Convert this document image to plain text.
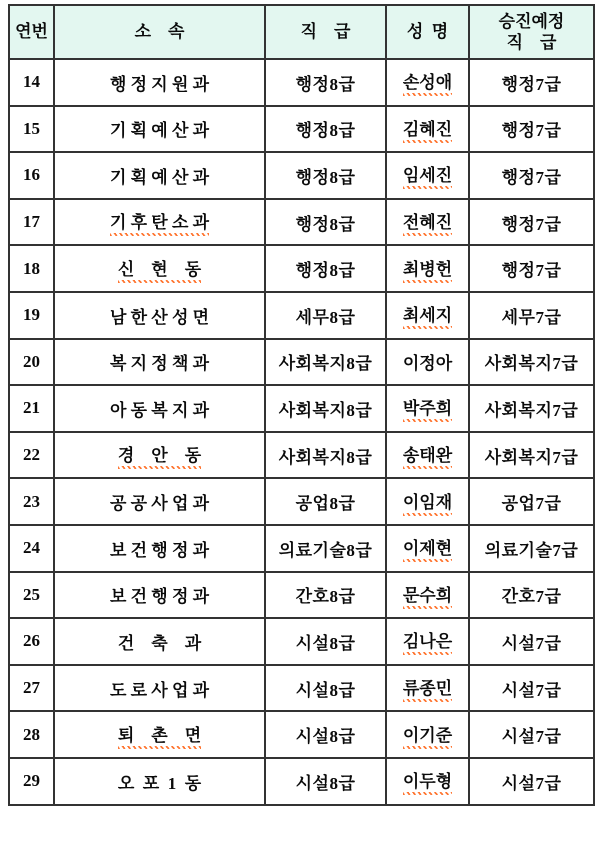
연번	소    속	직    급	성  명	승진예정
직    급
14	행 정 지 원 과	행정8급	손성애	행정7급
15	기 획 예 산 과	행정8급	김혜진	행정7급
16	기 획 예 산 과	행정8급	임세진	행정7급
17	기 후 탄 소 과	행정8급	전혜진	행정7급
18	신    현    동	행정8급	최병헌	행정7급
19	남 한 산 성 면	세무8급	최세지	세무7급
20	복 지 정 책 과	사회복지8급	이정아	사회복지7급
21	아 동 복 지 과	사회복지8급	박주희	사회복지7급
22	경    안    동	사회복지8급	송태완	사회복지7급
23	공 공 사 업 과	공업8급	이임재	공업7급
24	보 건 행 정 과	의료기술8급	이제현	의료기술7급
25	보 건 행 정 과	간호8급	문수희	간호7급
26	건    축    과	시설8급	김나은	시설7급
27	도 로 사 업 과	시설8급	류종민	시설7급
28	퇴    촌    면	시설8급	이기준	시설7급
29	오  포  1  동	시설8급	이두형	시설7급
